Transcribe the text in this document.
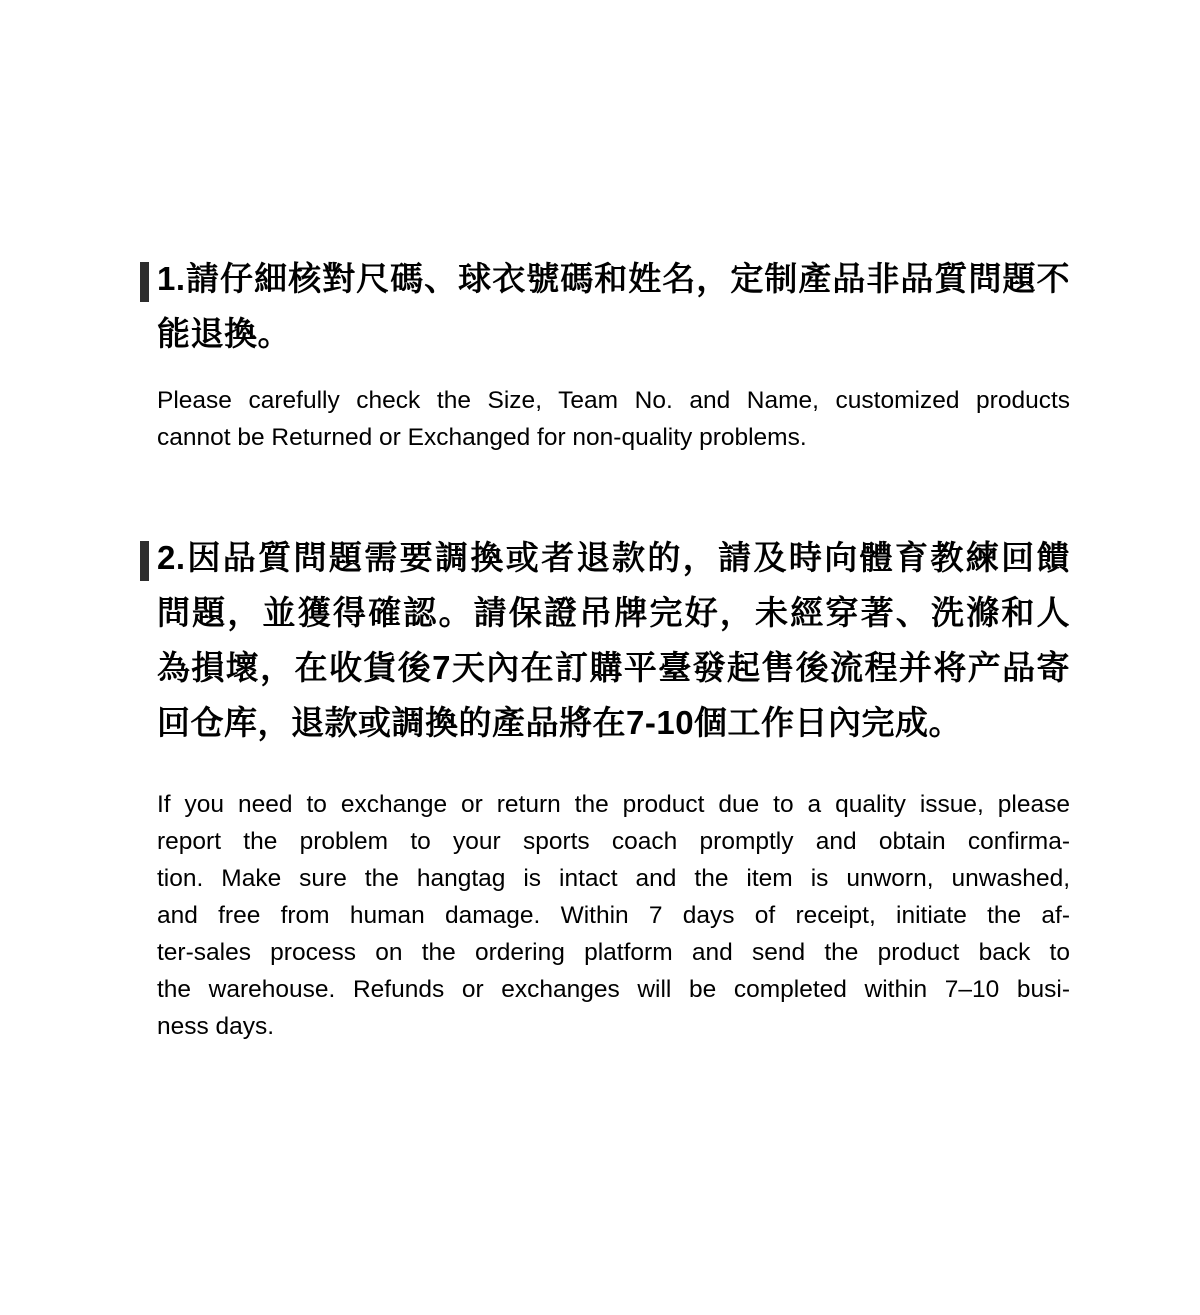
1.請仔細核對尺碼、球衣號碼和姓名，定制產品非品質問題不
能退換。
Please carefully check the Size, Team No. and Name, customized products
cannot be Returned or Exchanged for non-quality problems.
2.因品質問題需要調換或者退款的，請及時向體育教練回饋
問題，並獲得確認。請保證吊牌完好，未經穿著、洗滌和人
為損壞，在收貨後7天內在訂購平臺發起售後流程并将产品寄
回仓库，退款或調換的產品將在7-10個工作日內完成。
If you need to exchange or return the product due to a quality issue, please
report the problem to your sports coach promptly and obtain confirma-
tion. Make sure the hangtag is intact and the item is unworn, unwashed,
and free from human damage. Within 7 days of receipt, initiate the af-
ter-sales process on the ordering platform and send the product back to
the warehouse. Refunds or exchanges will be completed within 7–10 busi-
ness days.
